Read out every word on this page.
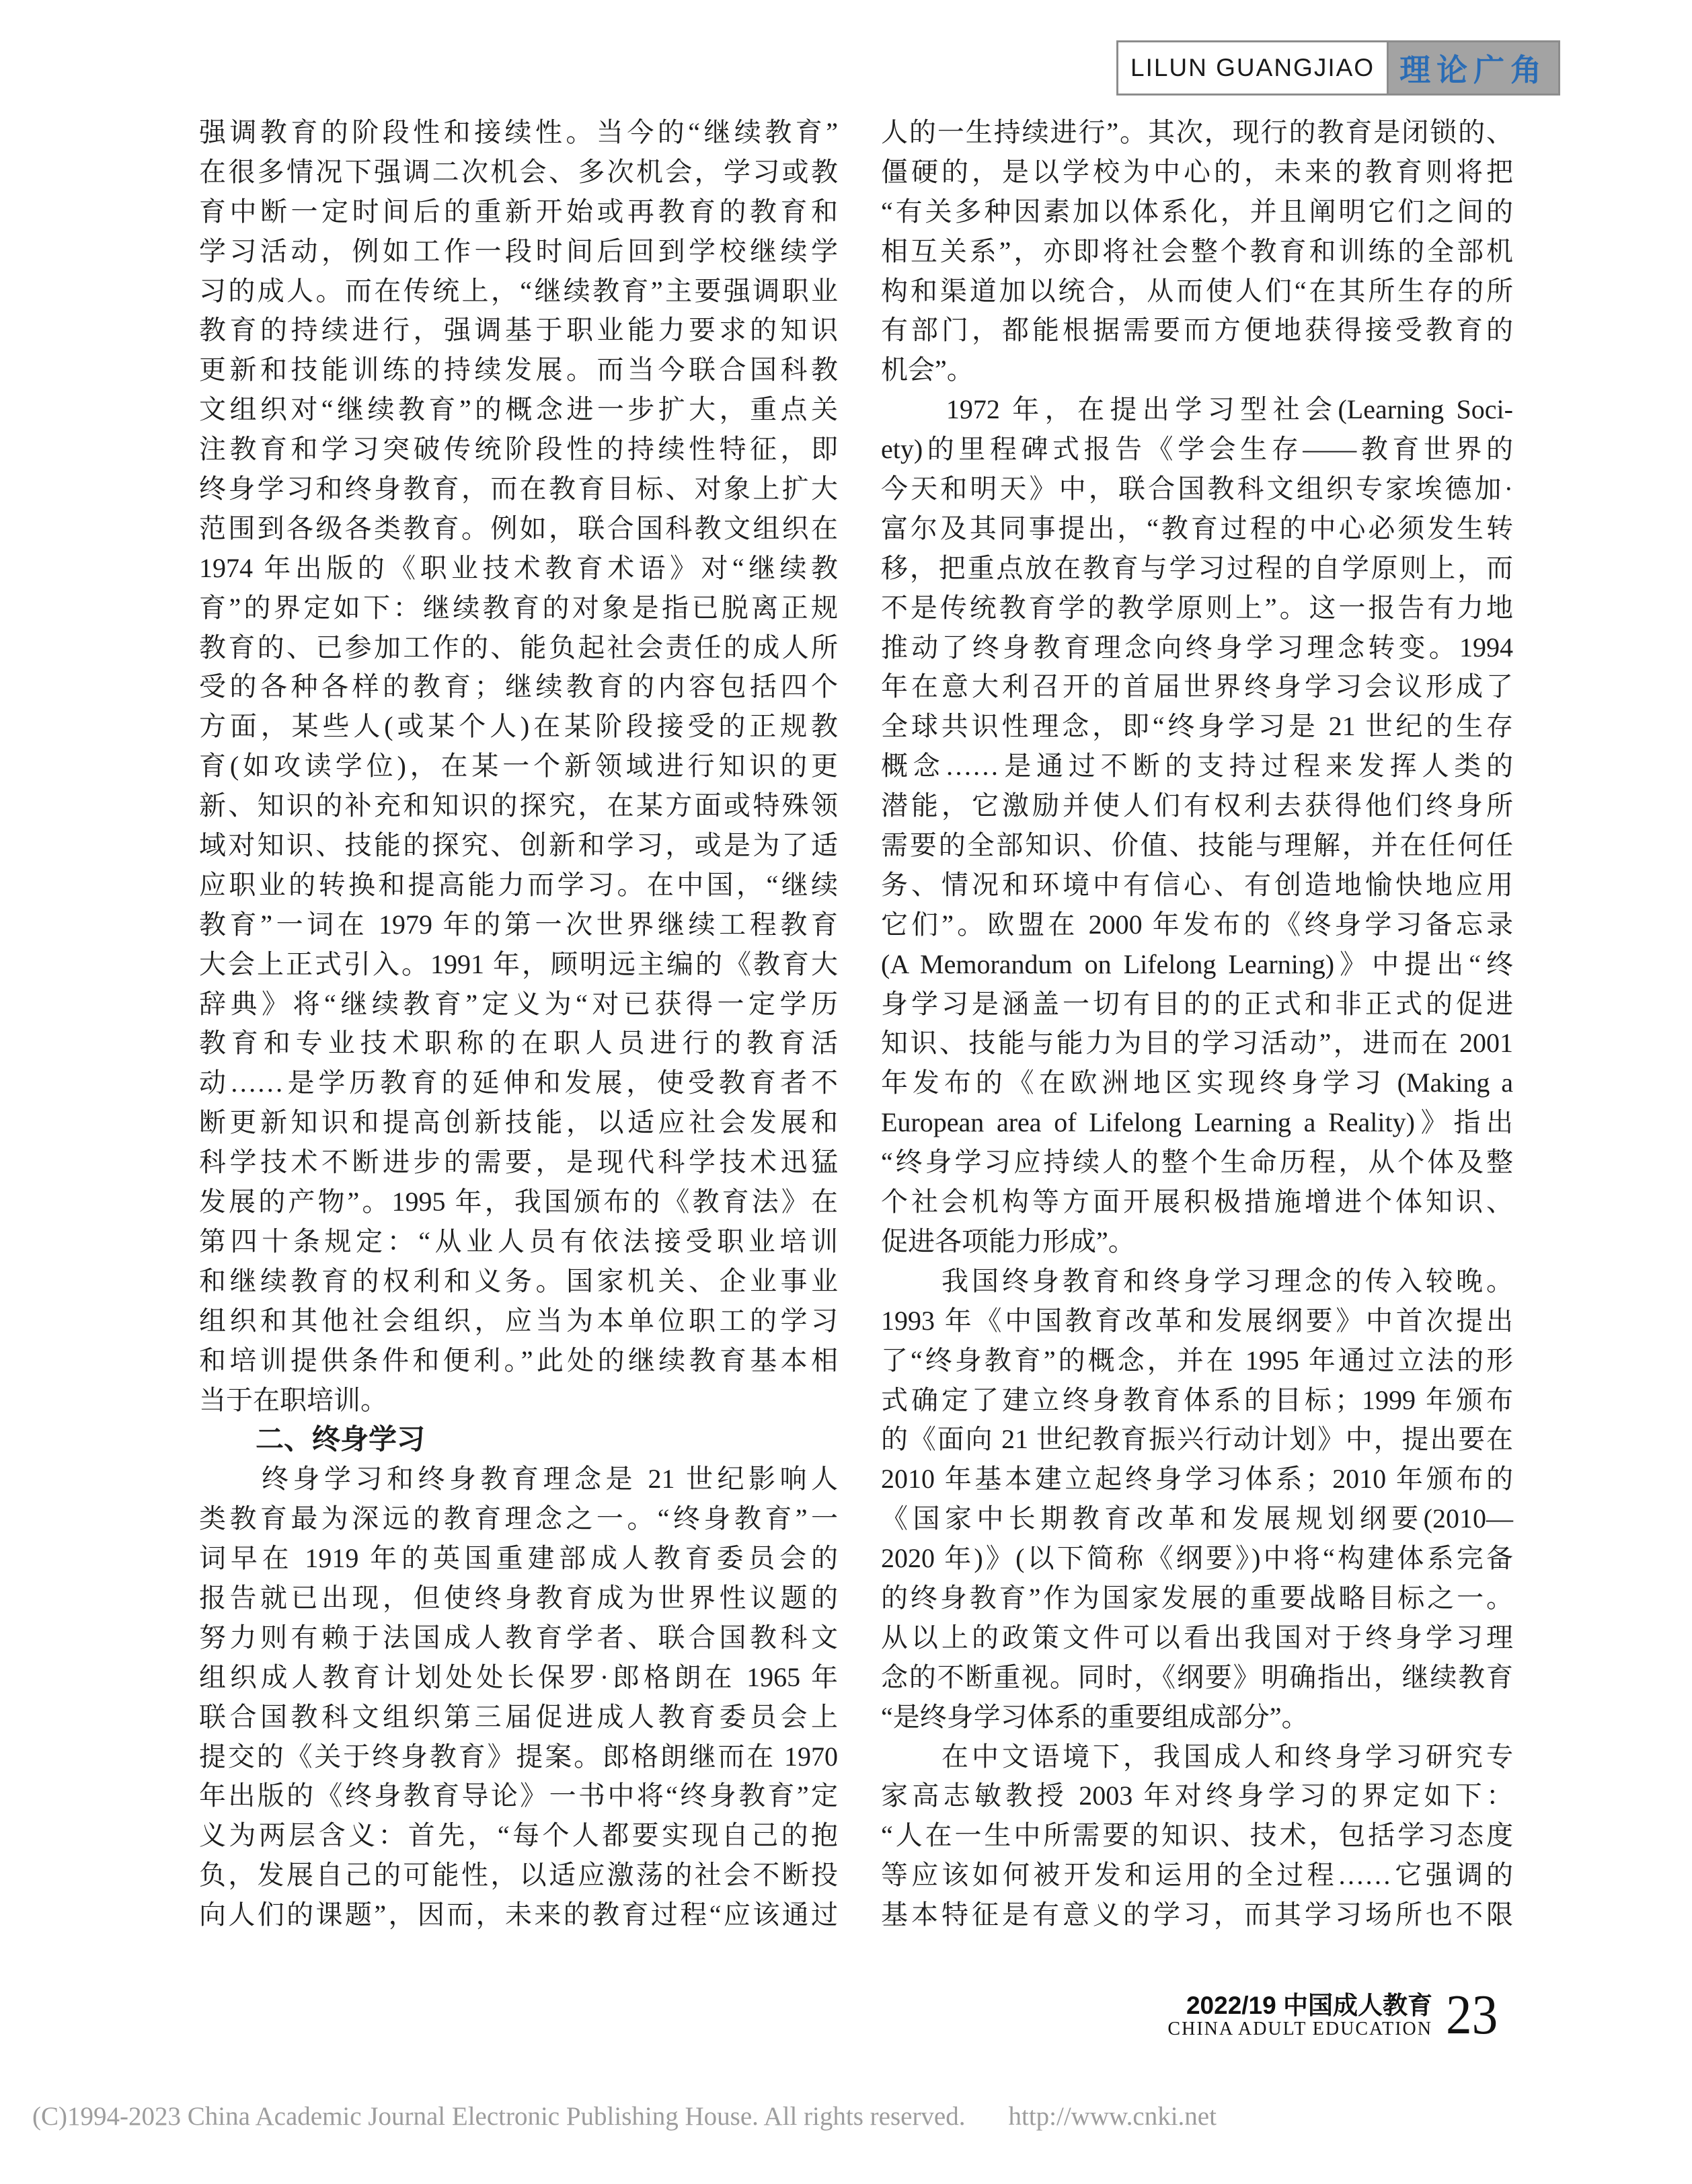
LILUN GUANGJIAO 理论广角
强调教育的阶段性和接续性。当今的“继续教育”
在很多情况下强调二次机会、多次机会，学习或教
育中断一定时间后的重新开始或再教育的教育和
学习活动，例如工作一段时间后回到学校继续学
习的成人。而在传统上，“继续教育”主要强调职业
教育的持续进行，强调基于职业能力要求的知识
更新和技能训练的持续发展。而当今联合国科教
文组织对“继续教育”的概念进一步扩大，重点关
注教育和学习突破传统阶段性的持续性特征，即
终身学习和终身教育，而在教育目标、对象上扩大
范围到各级各类教育。例如，联合国科教文组织在
1974 年出版的《职业技术教育术语》对“继续教
育”的界定如下：继续教育的对象是指已脱离正规
教育的、已参加工作的、能负起社会责任的成人所
受的各种各样的教育；继续教育的内容包括四个
方面，某些人(或某个人)在某阶段接受的正规教
育(如攻读学位)，在某一个新领域进行知识的更
新、知识的补充和知识的探究，在某方面或特殊领
域对知识、技能的探究、创新和学习，或是为了适
应职业的转换和提高能力而学习。在中国，“继续
教育”一词在 1979 年的第一次世界继续工程教育
大会上正式引入。1991 年，顾明远主编的《教育大
辞典》将“继续教育”定义为“对已获得一定学历
教育和专业技术职称的在职人员进行的教育活
动……是学历教育的延伸和发展，使受教育者不
断更新知识和提高创新技能，以适应社会发展和
科学技术不断进步的需要，是现代科学技术迅猛
发展的产物”。1995 年，我国颁布的《教育法》在
第四十条规定：“从业人员有依法接受职业培训
和继续教育的权利和义务。国家机关、企业事业
组织和其他社会组织，应当为本单位职工的学习
和培训提供条件和便利。”此处的继续教育基本相
当于在职培训。
　　二、终身学习
　　终身学习和终身教育理念是 21 世纪影响人
类教育最为深远的教育理念之一。“终身教育”一
词早在 1919 年的英国重建部成人教育委员会的
报告就已出现，但使终身教育成为世界性议题的
努力则有赖于法国成人教育学者、联合国教科文
组织成人教育计划处处长保罗·郎格朗在 1965 年
联合国教科文组织第三届促进成人教育委员会上
提交的《关于终身教育》提案。郎格朗继而在 1970
年出版的《终身教育导论》一书中将“终身教育”定
义为两层含义：首先，“每个人都要实现自己的抱
负，发展自己的可能性，以适应激荡的社会不断投
向人们的课题”，因而，未来的教育过程“应该通过
人的一生持续进行”。其次，现行的教育是闭锁的、
僵硬的，是以学校为中心的，未来的教育则将把
“有关多种因素加以体系化，并且阐明它们之间的
相互关系”，亦即将社会整个教育和训练的全部机
构和渠道加以统合，从而使人们“在其所生存的所
有部门，都能根据需要而方便地获得接受教育的
机会”。
　　1972 年，在提出学习型社会(Learning Soci-
ety)的里程碑式报告《学会生存——教育世界的
今天和明天》中，联合国教科文组织专家埃德加·
富尔及其同事提出，“教育过程的中心必须发生转
移，把重点放在教育与学习过程的自学原则上，而
不是传统教育学的教学原则上”。这一报告有力地
推动了终身教育理念向终身学习理念转变。1994
年在意大利召开的首届世界终身学习会议形成了
全球共识性理念，即“终身学习是 21 世纪的生存
概念……是通过不断的支持过程来发挥人类的
潜能，它激励并使人们有权利去获得他们终身所
需要的全部知识、价值、技能与理解，并在任何任
务、情况和环境中有信心、有创造地愉快地应用
它们”。欧盟在 2000 年发布的《终身学习备忘录
(A Memorandum on Lifelong Learning)》中提出“终
身学习是涵盖一切有目的的正式和非正式的促进
知识、技能与能力为目的学习活动”，进而在 2001
年发布的《在欧洲地区实现终身学习 (Making a
European area of Lifelong Learning a Reality)》指出
“终身学习应持续人的整个生命历程，从个体及整
个社会机构等方面开展积极措施增进个体知识、
促进各项能力形成”。
　　我国终身教育和终身学习理念的传入较晚。
1993 年《中国教育改革和发展纲要》中首次提出
了“终身教育”的概念，并在 1995 年通过立法的形
式确定了建立终身教育体系的目标；1999 年颁布
的《面向 21 世纪教育振兴行动计划》中，提出要在
2010 年基本建立起终身学习体系；2010 年颁布的
《国家中长期教育改革和发展规划纲要(2010—
2020 年)》(以下简称《纲要》)中将“构建体系完备
的终身教育”作为国家发展的重要战略目标之一。
从以上的政策文件可以看出我国对于终身学习理
念的不断重视。同时，《纲要》明确指出，继续教育
“是终身学习体系的重要组成部分”。
　　在中文语境下，我国成人和终身学习研究专
家高志敏教授 2003 年对终身学习的界定如下：
“人在一生中所需要的知识、技术，包括学习态度
等应该如何被开发和运用的全过程……它强调的
基本特征是有意义的学习，而其学习场所也不限
2022/19 中国成人教育
CHINA ADULT EDUCATION 23
(C)1994-2023 China Academic Journal Electronic Publishing House. All rights reserved. http://www.cnki.net
